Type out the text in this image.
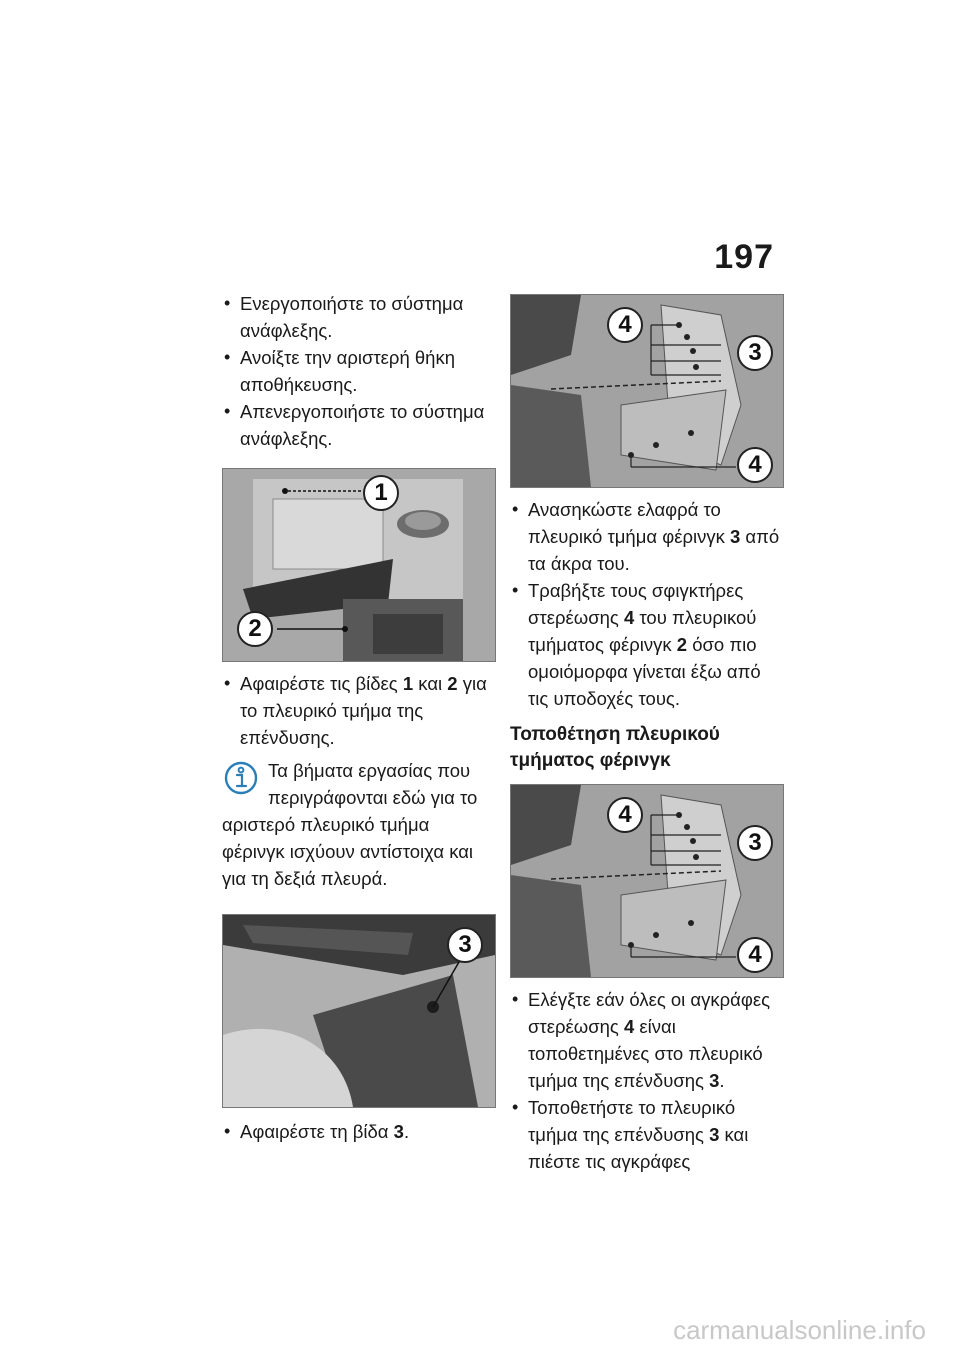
197
• Ενεργοποιήστε το σύστημα ανάφλεξης.
• Ανοίξτε την αριστερή θήκη αποθήκευσης.
• Απενεργοποιήστε το σύστημα ανάφλεξης.
1
2
• Αφαιρέστε τις βίδες 1 και 2 για το πλευρικό τμήμα της επένδυσης.

Τα βήματα εργασίας που περιγράφονται εδώ για το

αριστερό πλευρικό τμήμα φέρινγκ ισχύουν αντίστοιχα και για τη δεξιά πλευρά.

3
• Αφαιρέστε τη βίδα 3.
4
3
4
• Ανασηκώστε ελαφρά το πλευρικό τμήμα φέρινγκ 3 από τα άκρα του.
• Τραβήξτε τους σφιγκτήρες στερέωσης 4 του πλευρικού τμήματος φέρινγκ 2 όσο πιο ομοιόμορφα γίνεται έξω από τις υποδοχές τους.
Τοποθέτηση πλευρικού τμήματος φέρινγκ
4
3
4
• Ελέγξτε εάν όλες οι αγκράφες στερέωσης 4 είναι τοποθετημένες στο πλευρικό τμήμα της επένδυσης 3.
• Τοποθετήστε το πλευρικό τμήμα της επένδυσης 3 και πιέστε τις αγκράφες
carmanualsonline.info
